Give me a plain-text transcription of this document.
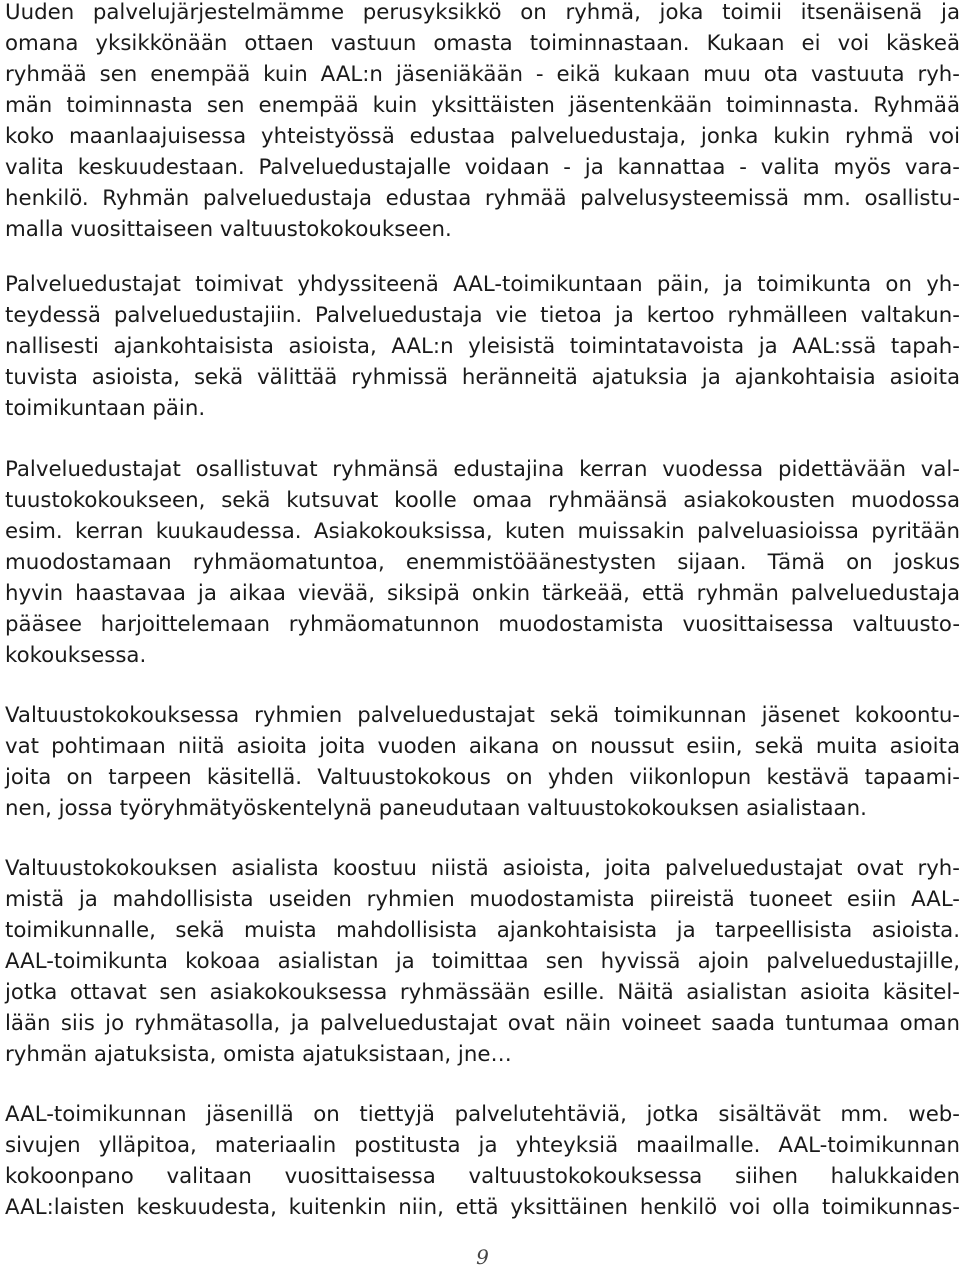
Uuden palvelujärjestelmämme perusyksikkö on ryhmä, joka toimii itsenäisenä ja
omana yksikkönään ottaen vastuun omasta toiminnastaan. Kukaan ei voi käskeä
ryhmää sen enempää kuin AAL:n jäseniäkään - eikä kukaan muu ota vastuuta ryh-
män toiminnasta sen enempää kuin yksittäisten jäsentenkään toiminnasta. Ryhmää
koko maanlaajuisessa yhteistyössä edustaa palveluedustaja, jonka kukin ryhmä voi
valita keskuudestaan. Palveluedustajalle voidaan - ja kannattaa - valita myös vara-
henkilö. Ryhmän palveluedustaja edustaa ryhmää palvelusysteemissä mm. osallistu-
malla vuosittaiseen valtuustokokoukseen.
Palveluedustajat toimivat yhdyssiteenä AAL-toimikuntaan päin, ja toimikunta on yh-
teydessä palveluedustajiin. Palveluedustaja vie tietoa ja kertoo ryhmälleen valtakun-
nallisesti ajankohtaisista asioista, AAL:n yleisistä toimintatavoista ja AAL:ssä tapah-
tuvista asioista, sekä välittää ryhmissä heränneitä ajatuksia ja ajankohtaisia asioita
toimikuntaan päin.
Palveluedustajat osallistuvat ryhmänsä edustajina kerran vuodessa pidettävään val-
tuustokokoukseen, sekä kutsuvat koolle omaa ryhmäänsä asiakokousten muodossa
esim. kerran kuukaudessa. Asiakokouksissa, kuten muissakin palveluasioissa pyritään
muodostamaan ryhmäomatuntoa, enemmistöäänestysten sijaan. Tämä on joskus
hyvin haastavaa ja aikaa vievää, siksipä onkin tärkeää, että ryhmän palveluedustaja
pääsee harjoittelemaan ryhmäomatunnon muodostamista vuosittaisessa valtuusto-
kokouksessa.
Valtuustokokouksessa ryhmien palveluedustajat sekä toimikunnan jäsenet kokoontu-
vat pohtimaan niitä asioita joita vuoden aikana on noussut esiin, sekä muita asioita
joita on tarpeen käsitellä. Valtuustokokous on yhden viikonlopun kestävä tapaami-
nen, jossa työryhmätyöskentelynä paneudutaan valtuustokokouksen asialistaan.
Valtuustokokouksen asialista koostuu niistä asioista, joita palveluedustajat ovat ryh-
mistä ja mahdollisista useiden ryhmien muodostamista piireistä tuoneet esiin AAL-
toimikunnalle, sekä muista mahdollisista ajankohtaisista ja tarpeellisista asioista.
AAL-toimikunta kokoaa asialistan ja toimittaa sen hyvissä ajoin palveluedustajille,
jotka ottavat sen asiakokouksessa ryhmässään esille. Näitä asialistan asioita käsitel-
lään siis jo ryhmätasolla, ja palveluedustajat ovat näin voineet saada tuntumaa oman
ryhmän ajatuksista, omista ajatuksistaan, jne…
AAL-toimikunnan jäsenillä on tiettyjä palvelutehtäviä, jotka sisältävät mm. web-
sivujen ylläpitoa, materiaalin postitusta ja yhteyksiä maailmalle. AAL-toimikunnan
kokoonpano valitaan vuosittaisessa valtuustokokouksessa siihen halukkaiden
AAL:laisten keskuudesta, kuitenkin niin, että yksittäinen henkilö voi olla toimikunnas-
9
